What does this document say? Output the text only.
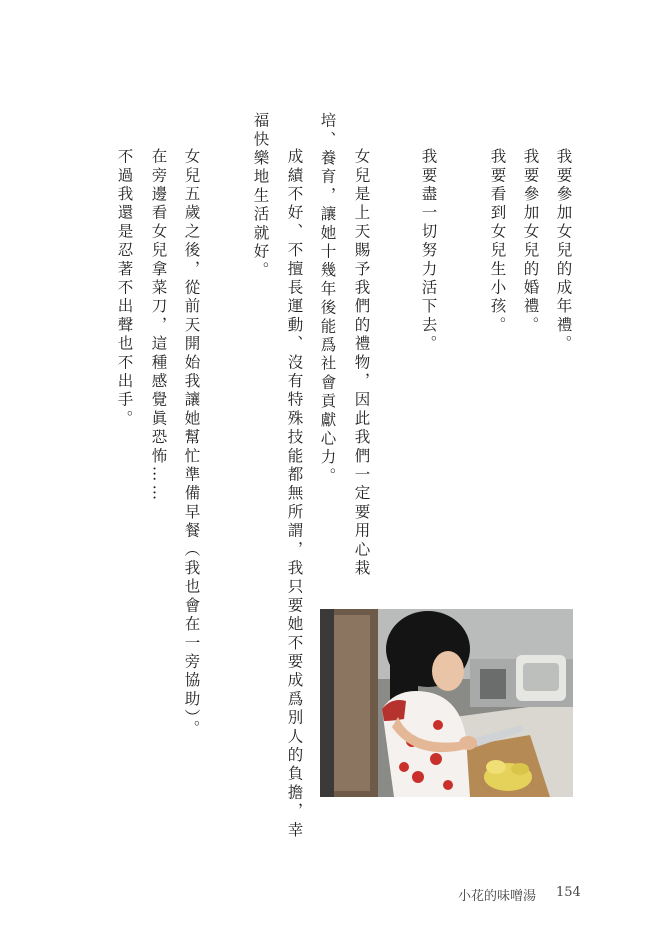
我要參加女兒的成年禮。
我要參加女兒的婚禮。
我要看到女兒生小孩。
我要盡一切努力活下去。
女兒是上天賜予我們的禮物，因此我們一定要用心栽
培、養育，讓她十幾年後能爲社會貢獻心力。
成績不好、不擅長運動、沒有特殊技能都無所謂，我只要她不要成爲別人的負擔，幸
福快樂地生活就好。
女兒五歲之後，從前天開始我讓她幫忙準備早餐（我也會在一旁協助）。
在旁邊看女兒拿菜刀，這種感覺眞恐怖……
不過我還是忍著不出聲也不出手。
小花的味噌湯 154
